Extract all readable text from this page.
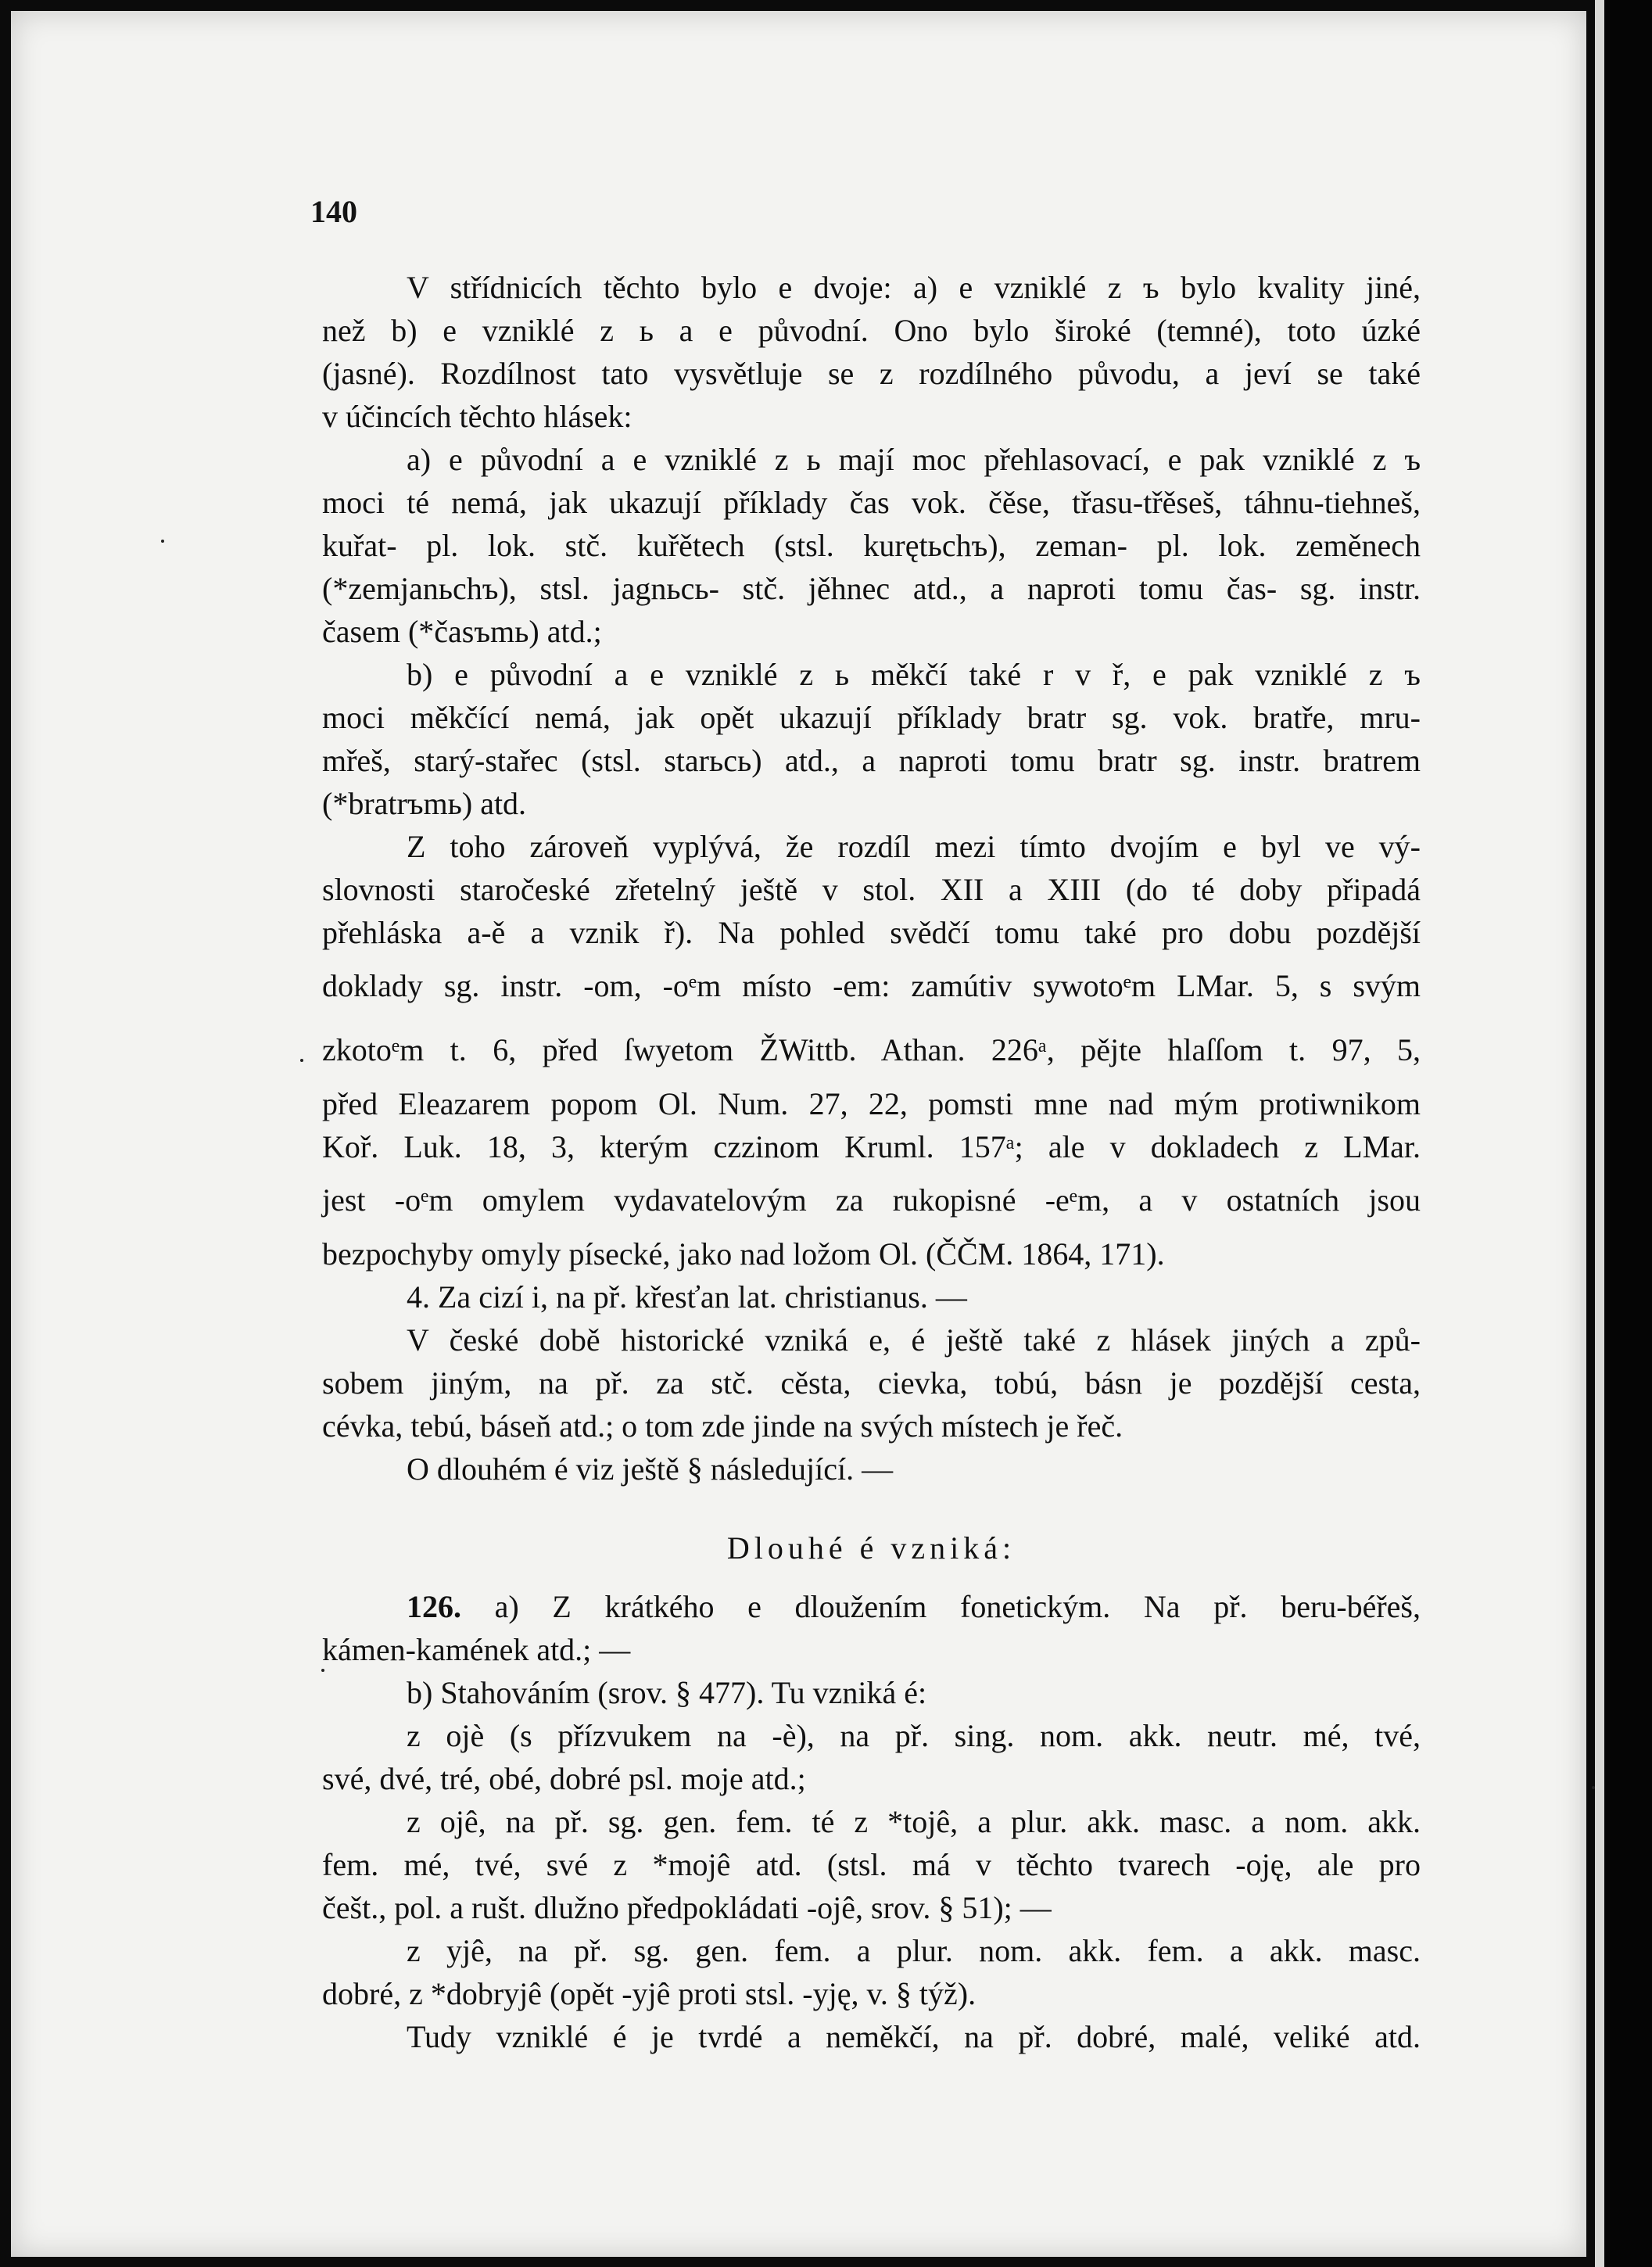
140
V střídnicích těchto bylo e dvoje: a) e vzniklé z ъ bylo kvality jiné,
než b) e vzniklé z ь a e původní. Ono bylo široké (temné), toto úzké
(jasné). Rozdílnost tato vysvětluje se z rozdílného původu, a jeví se také
v účincích těchto hlásek:
a) e původní a e vzniklé z ь mají moc přehlasovací, e pak vzniklé z ъ
moci té nemá, jak ukazují příklady čas vok. čěse, třasu-třěseš, táhnu-tiehneš,
kuřat- pl. lok. stč. kuřětech (stsl. kurętьchъ), zeman- pl. lok. zeměnech
(*zemjanьchъ), stsl. jagnьcь- stč. jěhnec atd., a naproti tomu čas- sg. instr.
časem (*časъmь) atd.;
b) e původní a e vzniklé z ь měkčí také r v ř, e pak vzniklé z ъ
moci měkčící nemá, jak opět ukazují příklady bratr sg. vok. bratře, mru-
mřeš, starý-stařec (stsl. starьcь) atd., a naproti tomu bratr sg. instr. bratrem
(*bratrъmь) atd.
Z toho zároveň vyplývá, že rozdíl mezi tímto dvojím e byl ve vý-
slovnosti staročeské zřetelný ještě v stol. XII a XIII (do té doby připadá
přehláska a-ě a vznik ř). Na pohled svědčí tomu také pro dobu pozdější
doklady sg. instr. -om, -oᵉm místo -em: zamútiv sywotoᵉm LMar. 5, s svým
zkotoᵉm t. 6, před ſwyetom ŽWittb. Athan. 226ᵃ, pějte hlaſſom t. 97, 5,
před Eleazarem popom Ol. Num. 27, 22, pomsti mne nad mým protiwnikom
Koř. Luk. 18, 3, kterým czzinom Kruml. 157ᵃ; ale v dokladech z LMar.
jest -oᵉm omylem vydavatelovým za rukopisné -eᵉm, a v ostatních jsou
bezpochyby omyly písecké, jako nad ložom Ol. (ČČM. 1864, 171).
4. Za cizí i, na př. křesťan lat. christianus. —
V české době historické vzniká e, é ještě také z hlásek jiných a způ-
sobem jiným, na př. za stč. cěsta, cievka, tobú, básn je pozdější cesta,
cévka, tebú, báseň atd.; o tom zde jinde na svých místech je řeč.
O dlouhém é viz ještě § následující. —
Dlouhé é vzniká:
126. a) Z krátkého e dloužením fonetickým. Na př. beru-béřeš,
kámen-kamének atd.; —
b) Stahováním (srov. § 477). Tu vzniká é:
z ojè (s přízvukem na -è), na př. sing. nom. akk. neutr. mé, tvé,
své, dvé, tré, obé, dobré psl. moje atd.;
z ojê, na př. sg. gen. fem. té z *tojê, a plur. akk. masc. a nom. akk.
fem. mé, tvé, své z *mojê atd. (stsl. má v těchto tvarech -oję, ale pro
češt., pol. a rušt. dlužno předpokládati -ojê, srov. § 51); —
z yjê, na př. sg. gen. fem. a plur. nom. akk. fem. a akk. masc.
dobré, z *dobryjê (opět -yjê proti stsl. -yję, v. § týž).
Tudy vzniklé é je tvrdé a neměkčí, na př. dobré, malé, veliké atd.
